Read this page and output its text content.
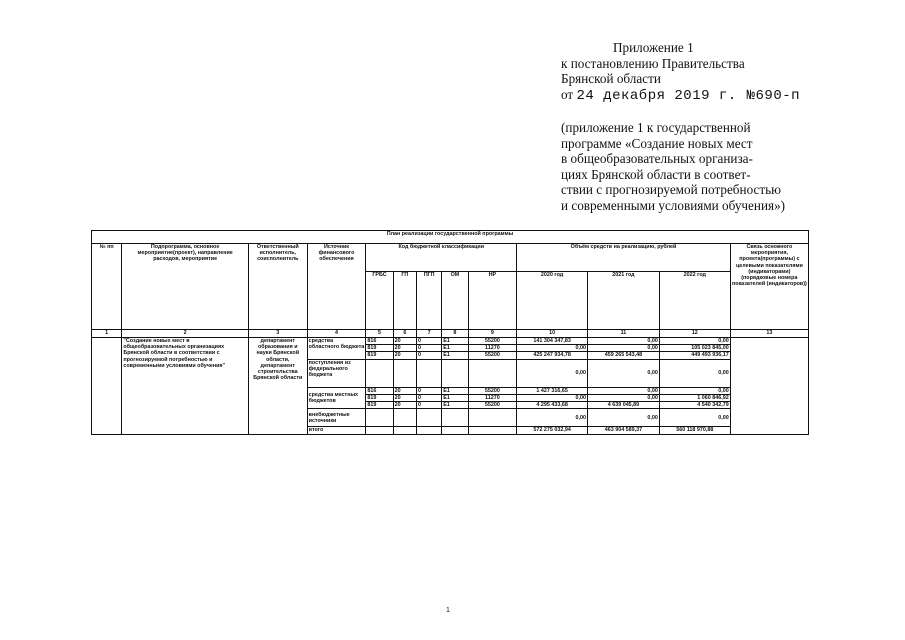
Приложение 1
к постановлению Правительства
Брянской области
от 24 декабря 2019 г. №690-п
(приложение 1 к государственной
программе «Создание новых мест
в общеобразовательных организа-
циях Брянской области в соответ-
ствии с прогнозируемой потребностью
и современными условиями обучения»)
План реализации государственной программы												
№ пп	Подпрограмма, основное мероприятие(проект), направление расходов, мероприятие	Ответственный исполнитель, соисполнитель	Источник финансового обеспечения	Код бюджетной классификации					Объём средств на реализацию, рублей			Связь основного мероприятия, проекта(программы) с целевыми показателями (индикаторами) (порядковые номера показателей (индикаторов))
				ГРБС	ГП	ПГП	ОМ	НР	2020 год	2021 год	2022 год	
1	2	3	4	5	6	7	8	9	10	11	12	13
	"Создание новых мест в общеобразовательных организациях Брянской области в соответствии с прогнозируемой потребностью и современными условиями обучения"	департамент образования и науки Брянской области, департамент строительства Брянской области	средства областного бюджета	816	20	0	Е1	55200	141 304 347,83	0,00	0,00	
				819	20	0	Е1	11270	0,00	0,00	105 023 845,00	
				819	20	0	Е1	55200	425 247 934,78	459 265 543,48	449 493 936,17	
			поступления из федерального бюджета						0,00	0,00	0,00	
			средства местных бюджетов	816	20	0	Е1	55200	1 427 316,65	0,00	0,00	
				819	20	0	Е1	11270	0,00	0,00	1 060 846,92	
				819	20	0	Е1	55200	4 295 433,68	4 639 045,89	4 540 342,79	
			внебюджетные источники						0,00	0,00	0,00	
			итого						572 275 032,94	463 904 589,37	560 118 970,88	
1
